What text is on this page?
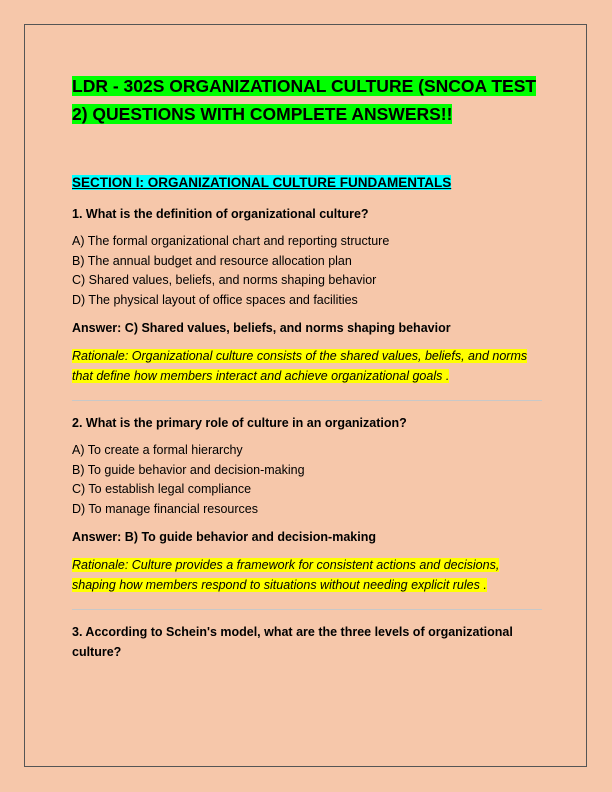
LDR - 302S ORGANIZATIONAL CULTURE (SNCOA TEST 2) QUESTIONS WITH COMPLETE ANSWERS!!
SECTION I: ORGANIZATIONAL CULTURE FUNDAMENTALS

1. What is the definition of organizational culture?

A) The formal organizational chart and reporting structure
B) The annual budget and resource allocation plan
C) Shared values, beliefs, and norms shaping behavior
D) The physical layout of office spaces and facilities
Answer: C) Shared values, beliefs, and norms shaping behavior
Rationale: Organizational culture consists of the shared values, beliefs, and norms that define how members interact and achieve organizational goals .

2. What is the primary role of culture in an organization?

A) To create a formal hierarchy
B) To guide behavior and decision-making
C) To establish legal compliance
D) To manage financial resources
Answer: B) To guide behavior and decision-making
Rationale: Culture provides a framework for consistent actions and decisions, shaping how members respond to situations without needing explicit rules .

3. According to Schein's model, what are the three levels of organizational culture?
